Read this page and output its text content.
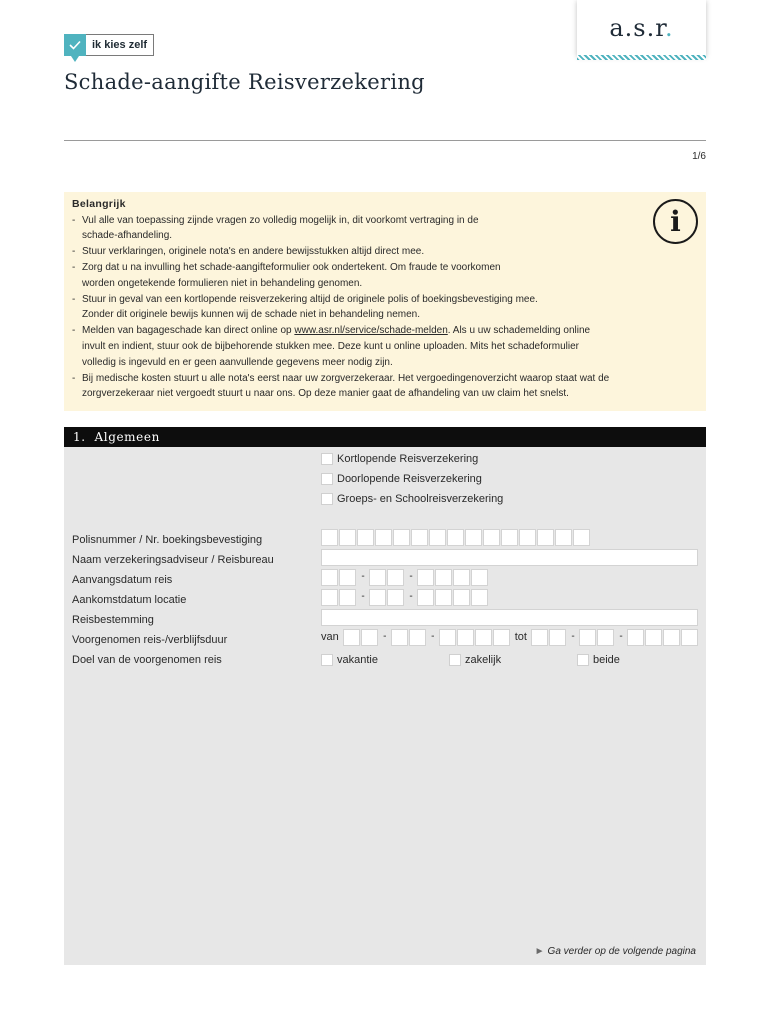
ik kies zelf
a.s.r.
Schade-aangifte Reisverzekering
1/6
Belangrijk
- Vul alle van toepassing zijnde vragen zo volledig mogelijk in, dit voorkomt vertraging in de
schade-afhandeling.
- Stuur verklaringen, originele nota's en andere bewijsstukken altijd direct mee.
- Zorg dat u na invulling het schade-aangifteformulier ook ondertekent. Om fraude te voorkomen
worden ongetekende formulieren niet in behandeling genomen.
- Stuur in geval van een kortlopende reisverzekering altijd de originele polis of boekingsbevestiging mee.
Zonder dit originele bewijs kunnen wij de schade niet in behandeling nemen.
- Melden van bagageschade kan direct online op www.asr.nl/service/schade-melden. Als u uw schademelding online
invult en indient, stuur ook de bijbehorende stukken mee. Deze kunt u online uploaden. Mits het schadeformulier
volledig is ingevuld en er geen aanvullende gegevens meer nodig zijn.
- Bij medische kosten stuurt u alle nota's eerst naar uw zorgverzekeraar. Het vergoedingenoverzicht waarop staat wat de
zorgverzekeraar niet vergoedt stuurt u naar ons. Op deze manier gaat de afhandeling van uw claim het snelst.
i
1. Algemeen
Kortlopende Reisverzekering
Doorlopende Reisverzekering
Groeps- en Schoolreisverzekering
Polisnummer / Nr. boekingsbevestiging
Naam verzekeringsadviseur / Reisbureau
Aanvangsdatum reis	-	-
Aankomstdatum locatie	-	-
Reisbestemming
Voorgenomen reis-/verblijfsduur	van	-	-	tot	-	-
Doel van de voorgenomen reis	vakantie	zakelijk	beide
► Ga verder op de volgende pagina
